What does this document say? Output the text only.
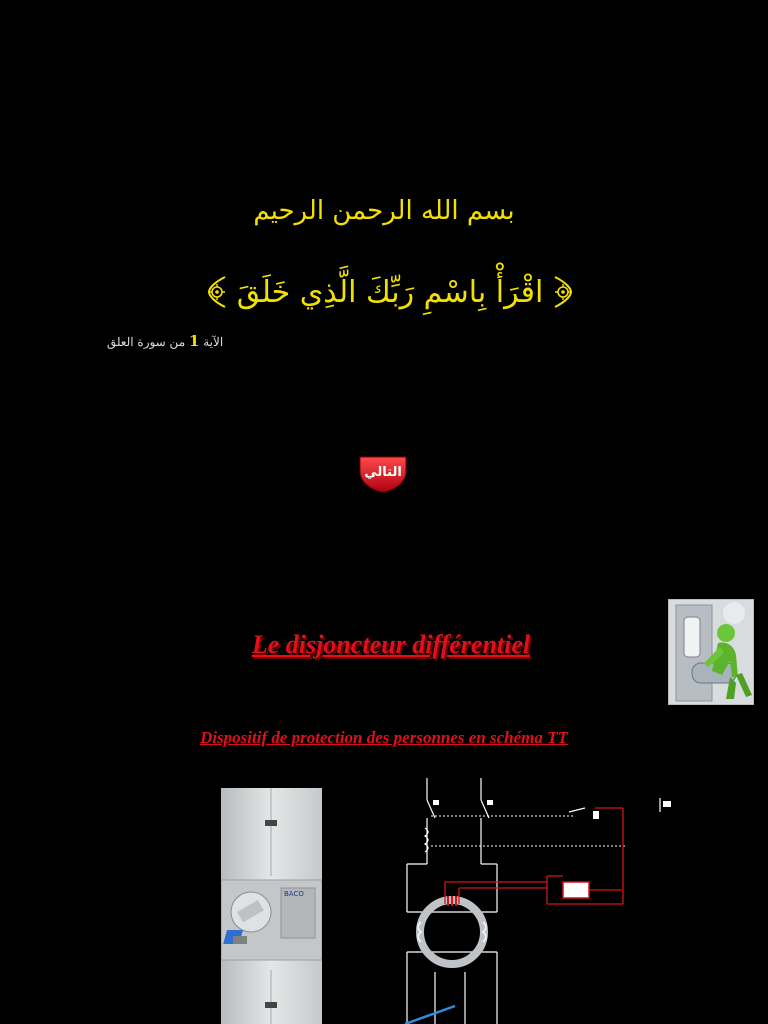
بسم الله الرحمن الرحيم
اقْرَأْ بِاسْمِ رَبِّكَ الَّذِي خَلَقَ
الآية 1 من سورة العلق
التالي
Le disjoncteur différentiel
Dispositif de protection des personnes en schéma TT
BACO
